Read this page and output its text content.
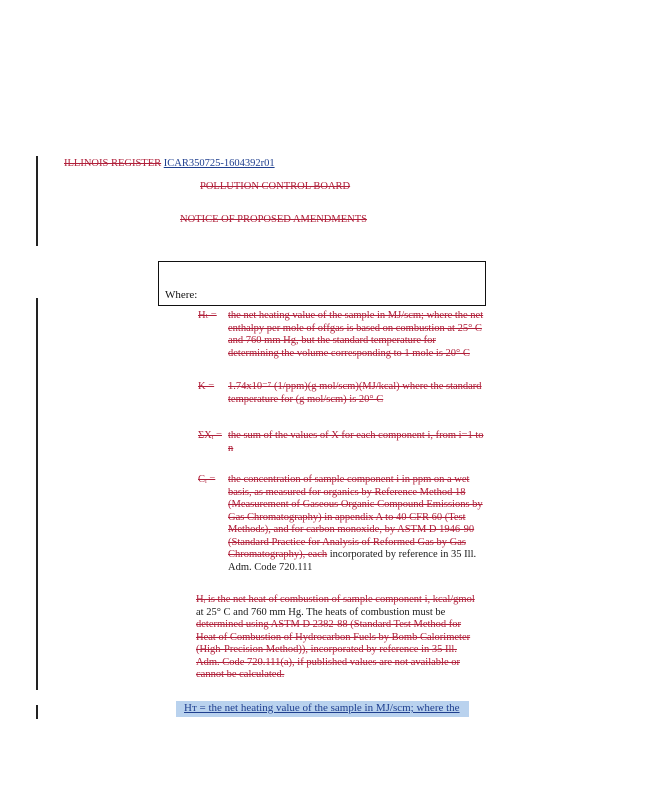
ILLINOIS REGISTER ICAR350725-1604392r01
POLLUTION CONTROL BOARD
NOTICE OF PROPOSED AMENDMENTS
Where:
Hₜ =	the net heating value of the sample in MJ/scm; where the net enthalpy per mole of offgas is based on combustion at 25° C and 760 mm Hg, but the standard temperature for determining the volume corresponding to 1 mole is 20° C
K =	1.74x10⁻⁷ (1/ppm)(g mol/scm)(MJ/kcal) where the standard temperature for (g mol/scm) is 20° C
ΣXᵢ = the sum of the values of X for each component i, from i=1 to n
Cᵢ =	the concentration of sample component i in ppm on a wet basis, as measured for organics by Reference Method 18 (Measurement of Gaseous Organic Compound Emissions by Gas Chromatography) in appendix A to 40 CFR 60 (Test Methods), and for carbon monoxide, by ASTM D 1946-90 (Standard Practice for Analysis of Reformed Gas by Gas Chromatography), each incorporated by reference in 35 Ill. Adm. Code 720.111
Hᵢ is the net heat of combustion of sample component i, kcal/gmol at 25° C and 760 mm Hg. The heats of combustion must be determined using ASTM D 2382-88 (Standard Test Method for Heat of Combustion of Hydrocarbon Fuels by Bomb Calorimeter (High-Precision Method)), incorporated by reference in 35 Ill. Adm. Code 720.111(a), if published values are not available or cannot be calculated.
Hᴛ = the net heating value of the sample in MJ/scm; where the
